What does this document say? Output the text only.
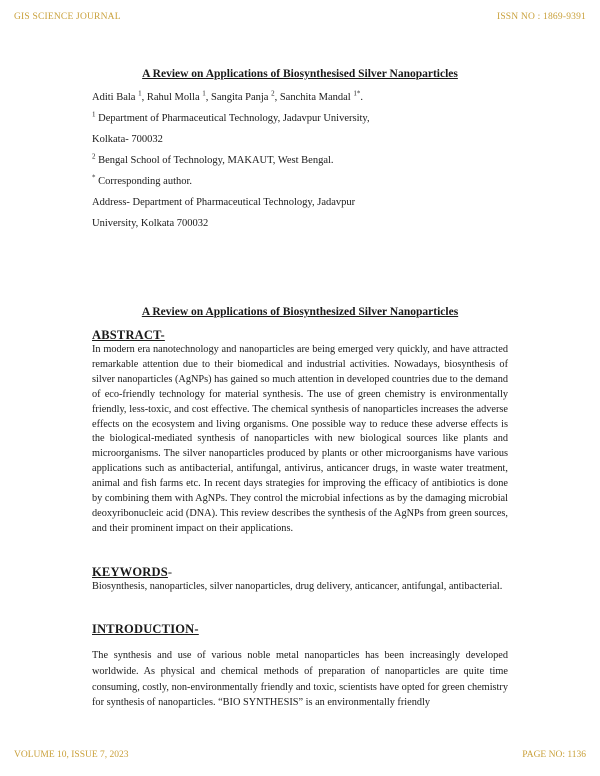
GIS SCIENCE JOURNAL	ISSN NO : 1869-9391
A Review on Applications of Biosynthesised Silver Nanoparticles
Aditi Bala $^1$, Rahul Molla $^1$, Sangita Panja $^2$, Sanchita Mandal $^{1*}$.
$^1$ Department of Pharmaceutical Technology, Jadavpur University,
Kolkata- 700032
$^2$ Bengal School of Technology, MAKAUT, West Bengal.
* Corresponding author.
Address- Department of Pharmaceutical Technology, Jadavpur
University, Kolkata 700032
A Review on Applications of Biosynthesized Silver Nanoparticles
ABSTRACT-
In modern era nanotechnology and nanoparticles are being emerged very quickly, and have attracted remarkable attention due to their biomedical and industrial activities. Nowadays, biosynthesis of silver nanoparticles (AgNPs) has gained so much attention in developed countries due to the demand of eco-friendly technology for material synthesis. The use of green chemistry is environmentally friendly, less-toxic, and cost effective. The chemical synthesis of nanoparticles increases the adverse effects on the ecosystem and living organisms. One possible way to reduce these adverse effects is the biological-mediated synthesis of nanoparticles with new biological sources like plants and microorganisms. The silver nanoparticles produced by plants or other microorganisms have various applications such as antibacterial, antifungal, antivirus, anticancer drugs, in waste water treatment, animal and fish farms etc. In recent days strategies for improving the efficacy of antibiotics is done by combining them with AgNPs. They control the microbial infections as by the damaging microbial deoxyribonucleic acid (DNA). This review describes the synthesis of the AgNPs from green sources, and their prominent impact on their applications.
KEYWORDS-
Biosynthesis, nanoparticles, silver nanoparticles, drug delivery, anticancer, antifungal, antibacterial.
INTRODUCTION-
The synthesis and use of various noble metal nanoparticles has been increasingly developed worldwide. As physical and chemical methods of preparation of nanoparticles are quite time consuming, costly, non-environmentally friendly and toxic, scientists have opted for green chemistry for synthesis of nanoparticles. “BIO SYNTHESIS” is an environmentally friendly
VOLUME 10, ISSUE 7, 2023	PAGE NO: 1136
